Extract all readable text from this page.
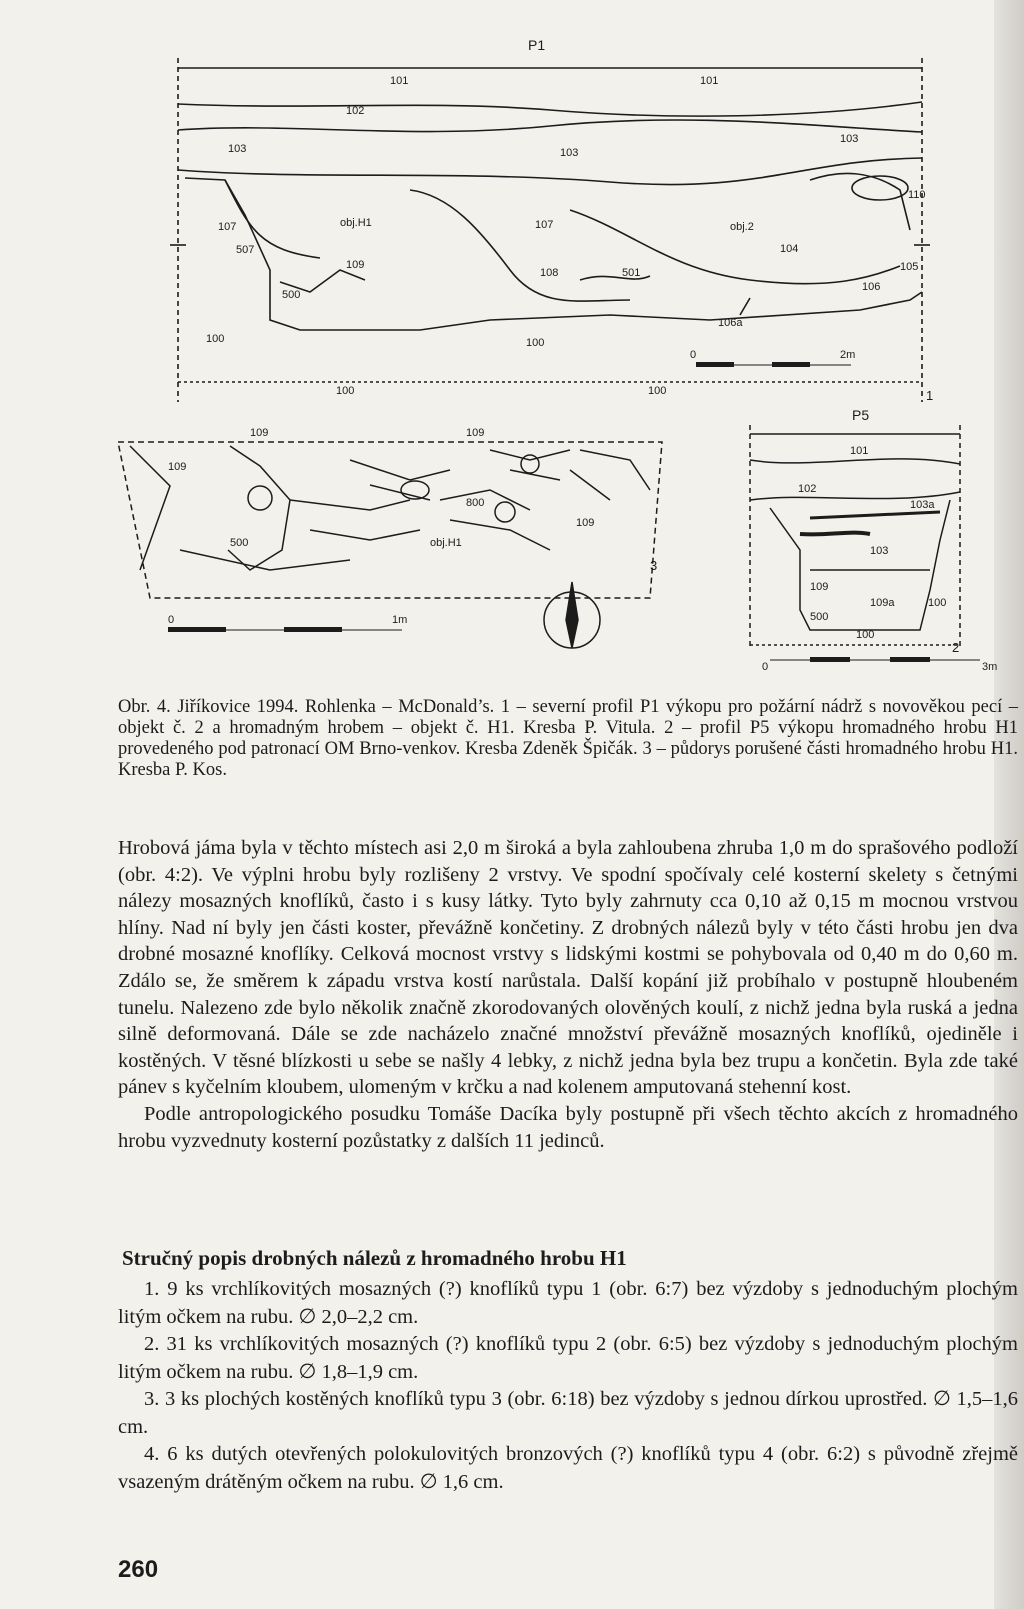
P1
101	101
102
103	103
103
110
107	obj.H1	107	obj.2
104
105
507
109
108	501
106
500
106a
100	100
100	100
0	2m
1
109	109
109
109
800
500	obj.H1
0	1m
3
P5
101
102
103a
103
109
109a	100
500
100
0	3m
2
Obr. 4. Jiříkovice 1994. Rohlenka – McDonald’s. 1 – severní profil P1 výkopu pro požární nádrž s novověkou pecí – objekt č. 2 a hromadným hrobem – objekt č. H1. Kresba P. Vitula. 2 – profil P5 výkopu hromadného hrobu H1 provedeného pod patronací OM Brno-venkov. Kresba Zdeněk Špičák. 3 – půdorys porušené části hromadného hrobu H1. Kresba P. Kos.

Hrobová jáma byla v těchto místech asi 2,0 m široká a byla zahloubena zhruba 1,0 m do sprašového podloží (obr. 4:2). Ve výplni hrobu byly rozlišeny 2 vrstvy. Ve spodní spočívaly celé kosterní skelety s četnými nálezy mosazných knoflíků, často i s kusy látky. Tyto byly zahrnuty cca 0,10 až 0,15 m mocnou vrstvou hlíny. Nad ní byly jen části koster, převážně končetiny. Z drobných nálezů byly v této části hrobu jen dva drobné mosazné knoflíky. Celková mocnost vrstvy s lidskými kostmi se pohybovala od 0,40 m do 0,60 m. Zdálo se, že směrem k západu vrstva kostí narůstala. Další kopání již probíhalo v postupně hloubeném tunelu. Nalezeno zde bylo několik značně zkorodovaných olověných koulí, z nichž jedna byla ruská a jedna silně deformovaná. Dále se zde nacházelo značné množství převážně mosazných knoflíků, ojediněle i kostěných. V těsné blízkosti u sebe se našly 4 lebky, z nichž jedna byla bez trupu a končetin. Byla zde také pánev s kyčelním kloubem, ulomeným v krčku a nad kolenem amputovaná stehenní kost.

Podle antropologického posudku Tomáše Dacíka byly postupně při všech těchto akcích z hromadného hrobu vyzvednuty kosterní pozůstatky z dalších 11 jedinců.

Stručný popis drobných nálezů z hromadného hrobu H1

1. 9 ks vrchlíkovitých mosazných (?) knoflíků typu 1 (obr. 6:7) bez výzdoby s jednoduchým plochým litým očkem na rubu. ∅ 2,0–2,2 cm.

2. 31 ks vrchlíkovitých mosazných (?) knoflíků typu 2 (obr. 6:5) bez výzdoby s jednoduchým plochým litým očkem na rubu. ∅ 1,8–1,9 cm.

3. 3 ks plochých kostěných knoflíků typu 3 (obr. 6:18) bez výzdoby s jednou dírkou uprostřed. ∅ 1,5–1,6 cm.

4. 6 ks dutých otevřených polokulovitých bronzových (?) knoflíků typu 4 (obr. 6:2) s původně zřejmě vsazeným drátěným očkem na rubu. ∅ 1,6 cm.

260
